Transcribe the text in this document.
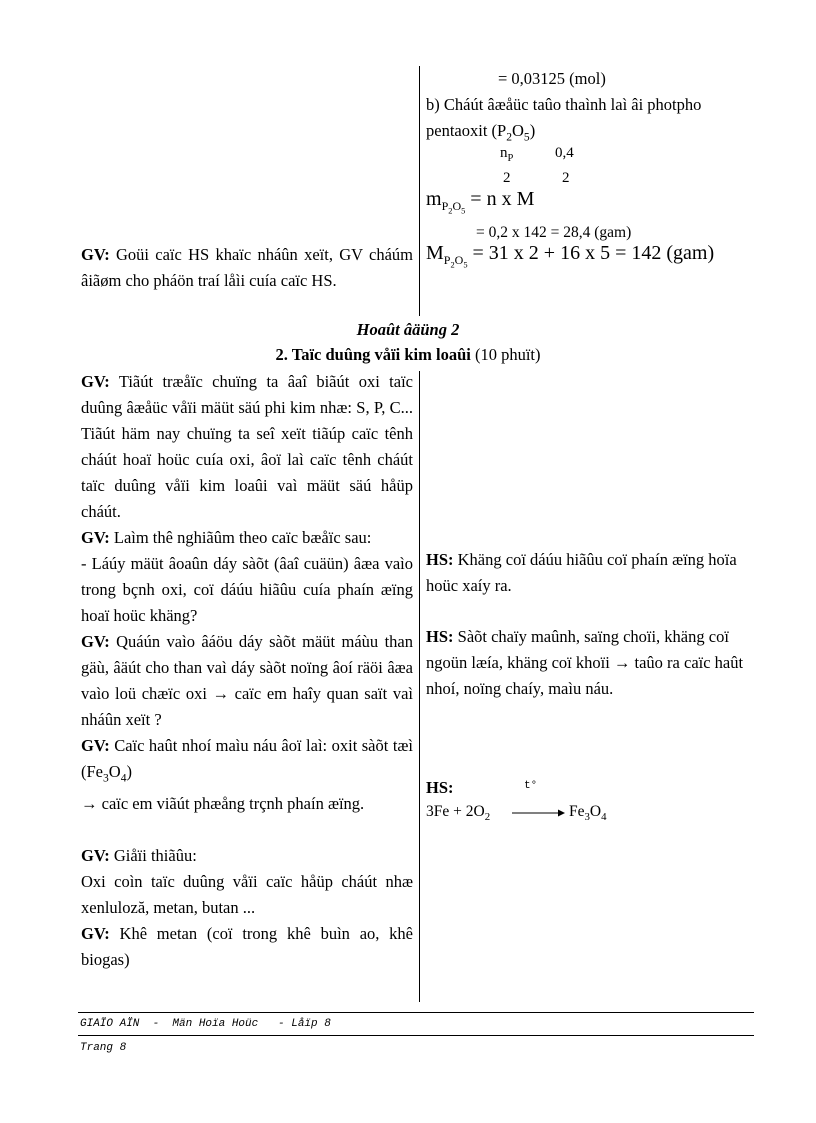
= 0,03125 (mol)
b) Cháút âæåüc taûo thaình laì âi photpho
pentaoxit $(P_2O_5)$
$n_P$	0,4
2	2
$m_{P_2O_5} = n$ x M
= 0,2 x 142 = 28,4 (gam)
$M_{P_2O_5} = 31$ x 2 + 16 x 5 = 142 (gam)
GV: Goüi caïc HS khaïc nháûn xeït, GV cháúm âiãøm cho pháön traí låìi cuía caïc HS.
Hoaût âäüng 2
2. Taïc duûng våïi kim loaûi (10 phuït)

GV: Tiãút træåïc chuïng ta âaî biãút oxi taïc duûng âæåüc våïi mäüt säú phi kim nhæ: S, P, C... Tiãút häm nay chuïng ta seî xeït tiãúp caïc tênh cháút hoaï hoüc cuía oxi, âoï laì caïc tênh cháút taïc duûng våïi kim loaûi vaì mäüt säú håüp cháút.

GV: Laìm thê nghiãûm theo caïc bæåïc sau:

- Láúy mäüt âoaûn dáy sàõt (âaî cuäün) âæa vaìo trong bçnh oxi, coï dáúu hiãûu cuía phaín æïng hoaï hoüc khäng?

GV: Quáún vaìo âáöu dáy sàõt mäüt máùu than gäù, âäút cho than vaì dáy sàõt noïng âoí räöi âæa vaìo loü chæïc oxi → caïc em haîy quan saït vaì nháûn xeït ?

GV: Caïc haût nhoí maìu náu âoï laì: oxit sàõt tæì $(Fe_3O_4)$

→ caïc em viãút phæång trçnh phaín æïng.

GV: Giåïi thiãûu:

Oxi coìn taïc duûng våïi caïc håüp cháút nhæ xenluloză, metan, butan ...

GV: Khê metan (coï trong khê buìn ao, khê biogas)

HS: Khäng coï dáúu hiãûu coï phaín æïng hoïa hoüc xaíy ra.
HS: Sàõt chaïy maûnh, saïng choïi, khäng coï ngoün læía, khäng coï khoïi → taûo ra caïc haût nhoí, noïng chaíy, maìu náu.
HS:	t°
$3Fe + 2O_2 \to Fe_3O_4$
GIAÏO AÏN  -  Män Hoïa Hoüc   - Låïp 8
Trang 8
